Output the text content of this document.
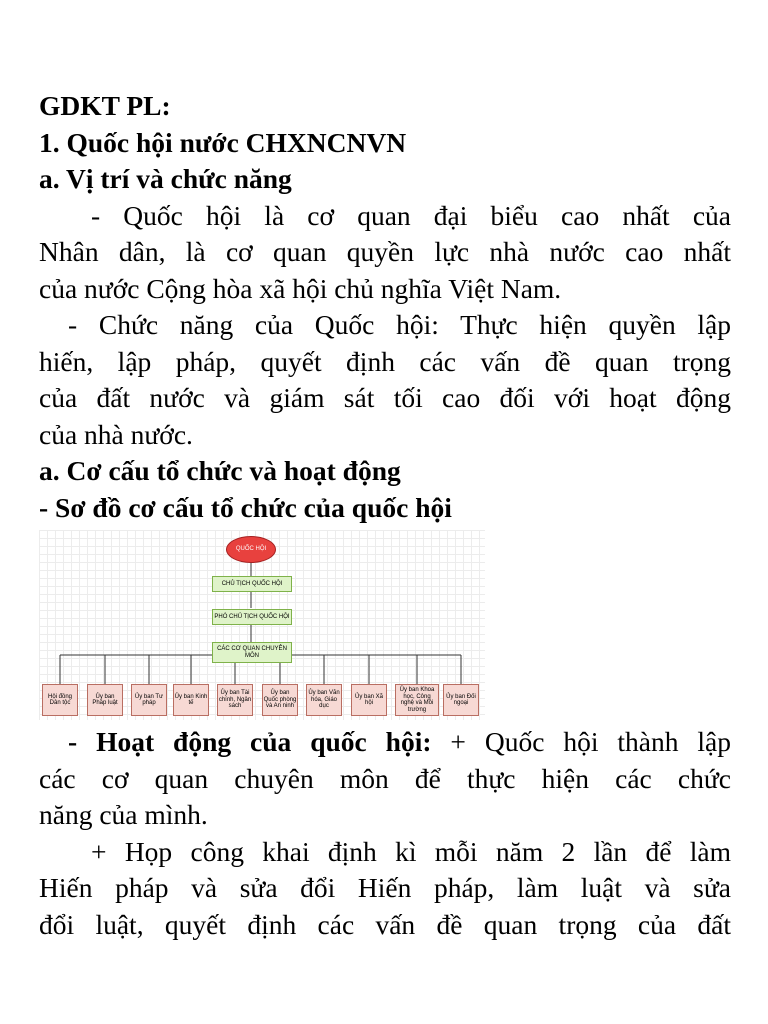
GDKT PL:
1. Quốc hội nước CHXNCNVN
a. Vị trí và chức năng
- Quốc hội là cơ quan đại biểu cao nhất của
Nhân dân, là cơ quan quyền lực nhà nước cao nhất
của nước Cộng hòa xã hội chủ nghĩa Việt Nam.
- Chức năng của Quốc hội: Thực hiện quyền lập
hiến, lập pháp, quyết định các vấn đề quan trọng
của đất nước và giám sát tối cao đối với hoạt động
của nhà nước.
a. Cơ cấu tổ chức và hoạt động
- Sơ đồ cơ cấu tổ chức của quốc hội
QUỐC HỘI
CHỦ TỊCH QUỐC HỘI
PHÓ CHỦ TỊCH QUỐC HỘI
CÁC CƠ QUAN CHUYÊN MÔN
Hội đồng Dân tộc
Ủy ban Pháp luật
Ủy ban Tư pháp
Ủy ban Kinh tế
Ủy ban Tài chính, Ngân sách
Ủy ban Quốc phòng và An ninh
Ủy ban Văn hóa, Giáo dục
Ủy ban Xã hội
Ủy ban Khoa học, Công nghệ và Môi trường
Ủy ban Đối ngoại
- Hoạt động của quốc hội: + Quốc hội thành lập
các cơ quan chuyên môn để thực hiện các chức
năng của mình.
+ Họp công khai định kì mỗi năm 2 lần để làm
Hiến pháp và sửa đổi Hiến pháp, làm luật và sửa
đổi luật, quyết định các vấn đề quan trọng của đất
